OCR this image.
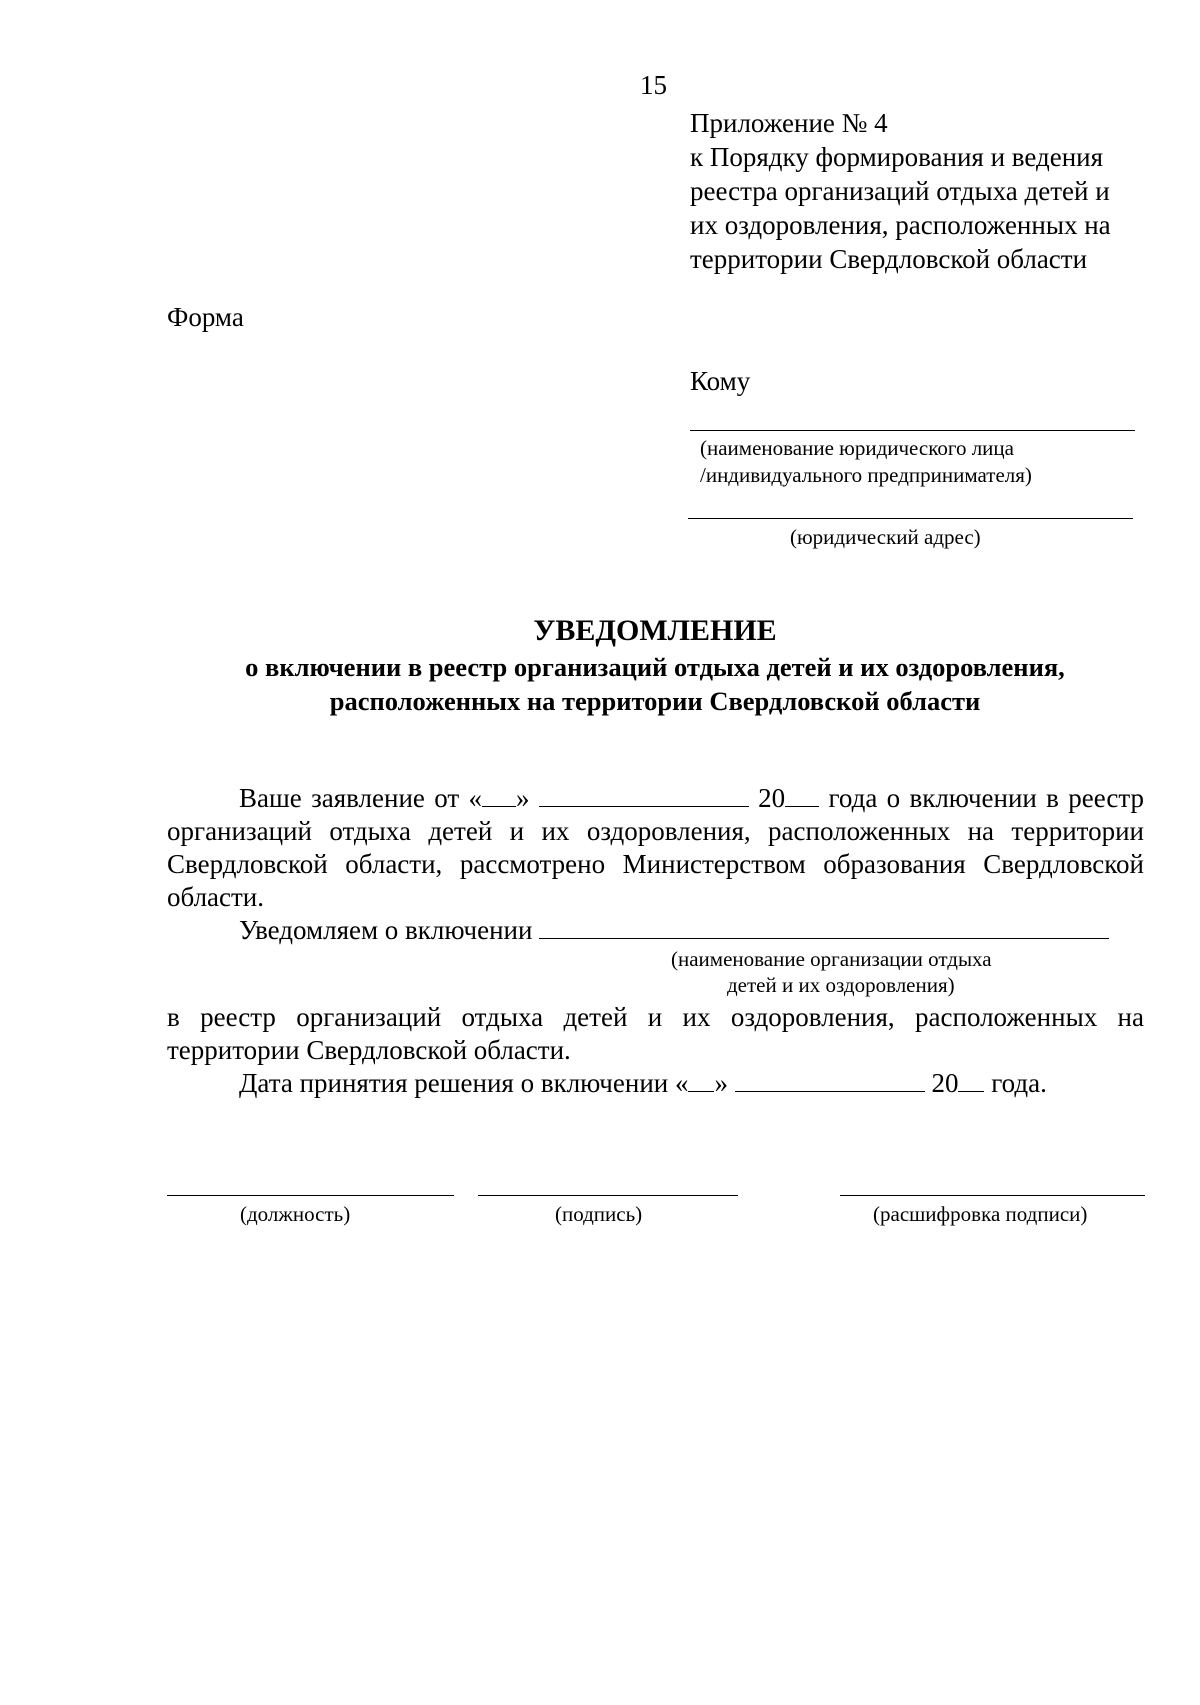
15
Приложение № 4
к Порядку формирования и ведения
реестра организаций отдыха детей и
их оздоровления, расположенных на
территории Свердловской области
Форма
Кому
(наименование юридического лица
/индивидуального предпринимателя)
(юридический адрес)
УВЕДОМЛЕНИЕ
о включении в реестр организаций отдыха детей и их оздоровления,
расположенных на территории Свердловской области
Ваше заявление от « »	20 года о включении в реестр организаций отдыха детей и их оздоровления, расположенных на территории Свердловской области, рассмотрено Министерством образования Свердловской области.
Уведомляем о включении
(наименование организации отдыха
детей и их оздоровления)
в реестр организаций отдыха детей и их оздоровления, расположенных на территории Свердловской области.
Дата принятия решения о включении « »	20 года.
(должность)	(подпись)	(расшифровка подписи)
